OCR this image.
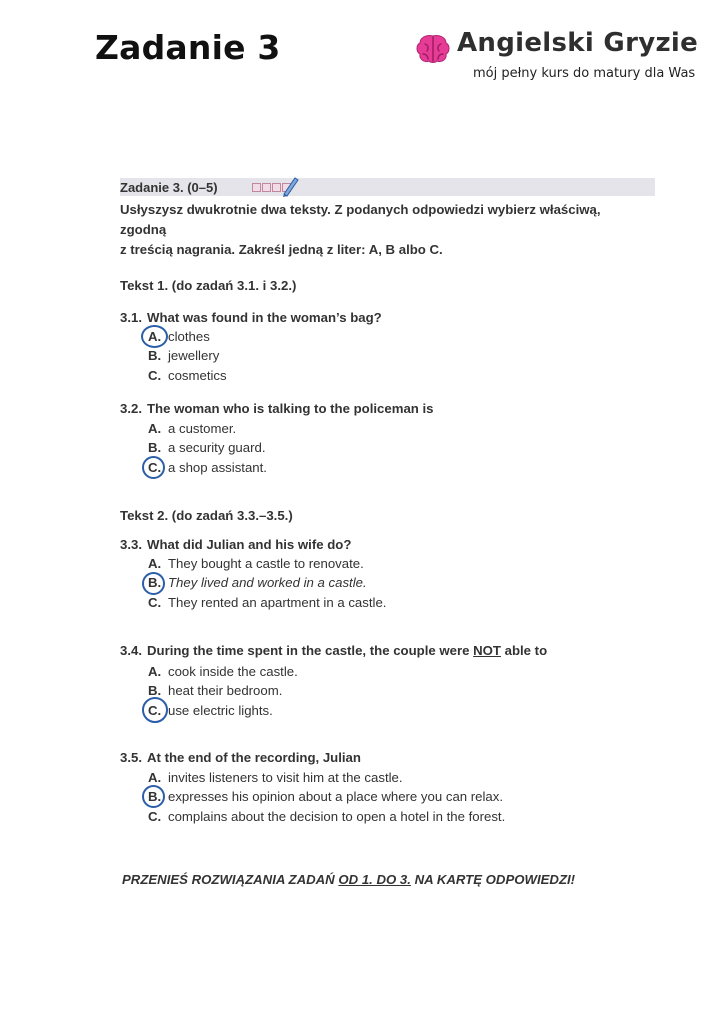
Zadanie 3	Angielski Gryzie
mój pełny kurs do matury dla Was
Zadanie 3. (0–5)
Usłyszysz dwukrotnie dwa teksty. Z podanych odpowiedzi wybierz właściwą, zgodną
z treścią nagrania. Zakreśl jedną z liter: A, B albo C.
Tekst 1. (do zadań 3.1. i 3.2.)
3.1. What was found in the woman’s bag?
A. clothes
B. jewellery
C. cosmetics
3.2. The woman who is talking to the policeman is
A. a customer.
B. a security guard.
C. a shop assistant.
Tekst 2. (do zadań 3.3.–3.5.)
3.3. What did Julian and his wife do?
A. They bought a castle to renovate.
B. They lived and worked in a castle.
C. They rented an apartment in a castle.
3.4. During the time spent in the castle, the couple were NOT able to
A. cook inside the castle.
B. heat their bedroom.
C. use electric lights.
3.5. At the end of the recording, Julian
A. invites listeners to visit him at the castle.
B. expresses his opinion about a place where you can relax.
C. complains about the decision to open a hotel in the forest.
PRZENIEŚ ROZWIĄZANIA ZADAŃ OD 1. DO 3. NA KARTĘ ODPOWIEDZI!
